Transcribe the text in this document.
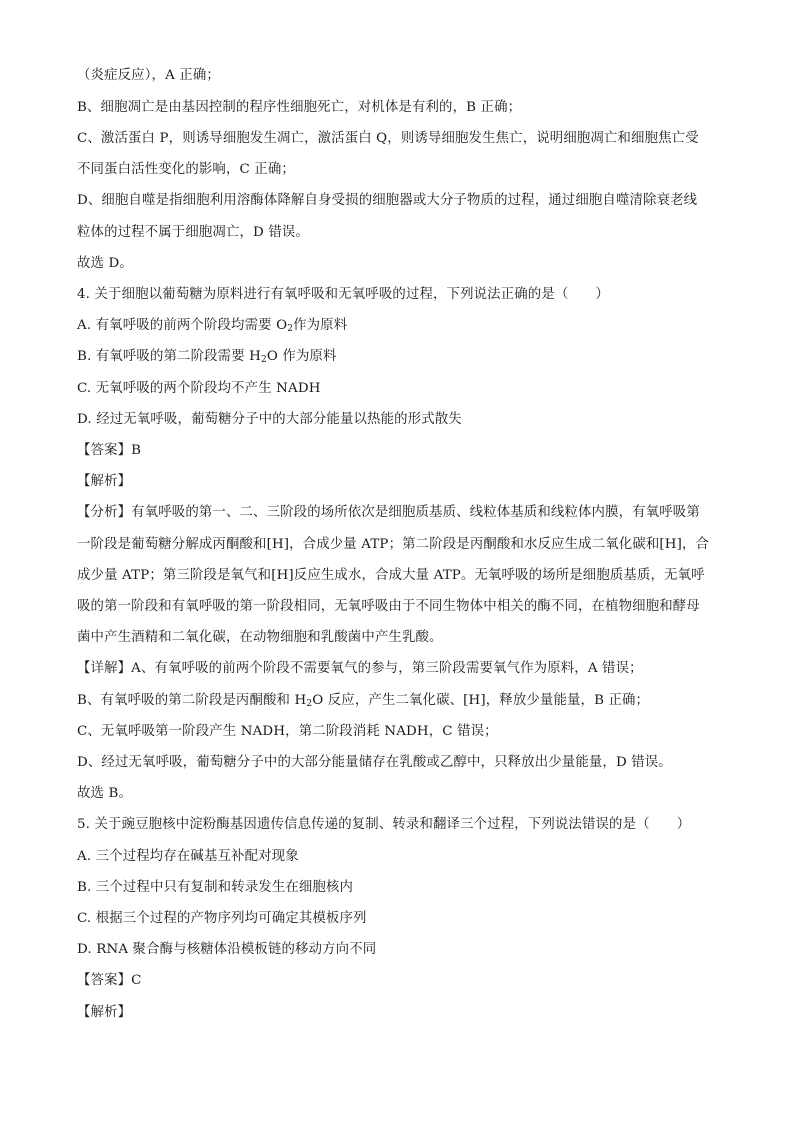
（炎症反应），A 正确；
B、细胞凋亡是由基因控制的程序性细胞死亡，对机体是有利的，B 正确；
C、激活蛋白 P，则诱导细胞发生凋亡，激活蛋白 Q，则诱导细胞发生焦亡，说明细胞凋亡和细胞焦亡受
不同蛋白活性变化的影响，C 正确；
D、细胞自噬是指细胞利用溶酶体降解自身受损的细胞器或大分子物质的过程，通过细胞自噬清除衰老线
粒体的过程不属于细胞凋亡，D 错误。
故选 D。
4. 关于细胞以葡萄糖为原料进行有氧呼吸和无氧呼吸的过程，下列说法正确的是（　　）
A. 有氧呼吸的前两个阶段均需要 $O_2$作为原料
B. 有氧呼吸的第二阶段需要 $H_2O$ 作为原料
C. 无氧呼吸的两个阶段均不产生 NADH
D. 经过无氧呼吸，葡萄糖分子中的大部分能量以热能的形式散失
【答案】B
【解析】
【分析】有氧呼吸的第一、二、三阶段的场所依次是细胞质基质、线粒体基质和线粒体内膜，有氧呼吸第
一阶段是葡萄糖分解成丙酮酸和[H]，合成少量 ATP；第二阶段是丙酮酸和水反应生成二氧化碳和[H]，合
成少量 ATP；第三阶段是氧气和[H]反应生成水，合成大量 ATP。无氧呼吸的场所是细胞质基质，无氧呼
吸的第一阶段和有氧呼吸的第一阶段相同，无氧呼吸由于不同生物体中相关的酶不同，在植物细胞和酵母
菌中产生酒精和二氧化碳，在动物细胞和乳酸菌中产生乳酸。
【详解】A、有氧呼吸的前两个阶段不需要氧气的参与，第三阶段需要氧气作为原料，A 错误；
B、有氧呼吸的第二阶段是丙酮酸和 $H_2O$ 反应，产生二氧化碳、[H]，释放少量能量，B 正确；
C、无氧呼吸第一阶段产生 NADH，第二阶段消耗 NADH，C 错误；
D、经过无氧呼吸，葡萄糖分子中的大部分能量储存在乳酸或乙醇中，只释放出少量能量，D 错误。
故选 B。
5. 关于豌豆胞核中淀粉酶基因遗传信息传递的复制、转录和翻译三个过程，下列说法错误的是（　　）
A. 三个过程均存在碱基互补配对现象
B. 三个过程中只有复制和转录发生在细胞核内
C. 根据三个过程的产物序列均可确定其模板序列
D. RNA 聚合酶与核糖体沿模板链的移动方向不同
【答案】C
【解析】
